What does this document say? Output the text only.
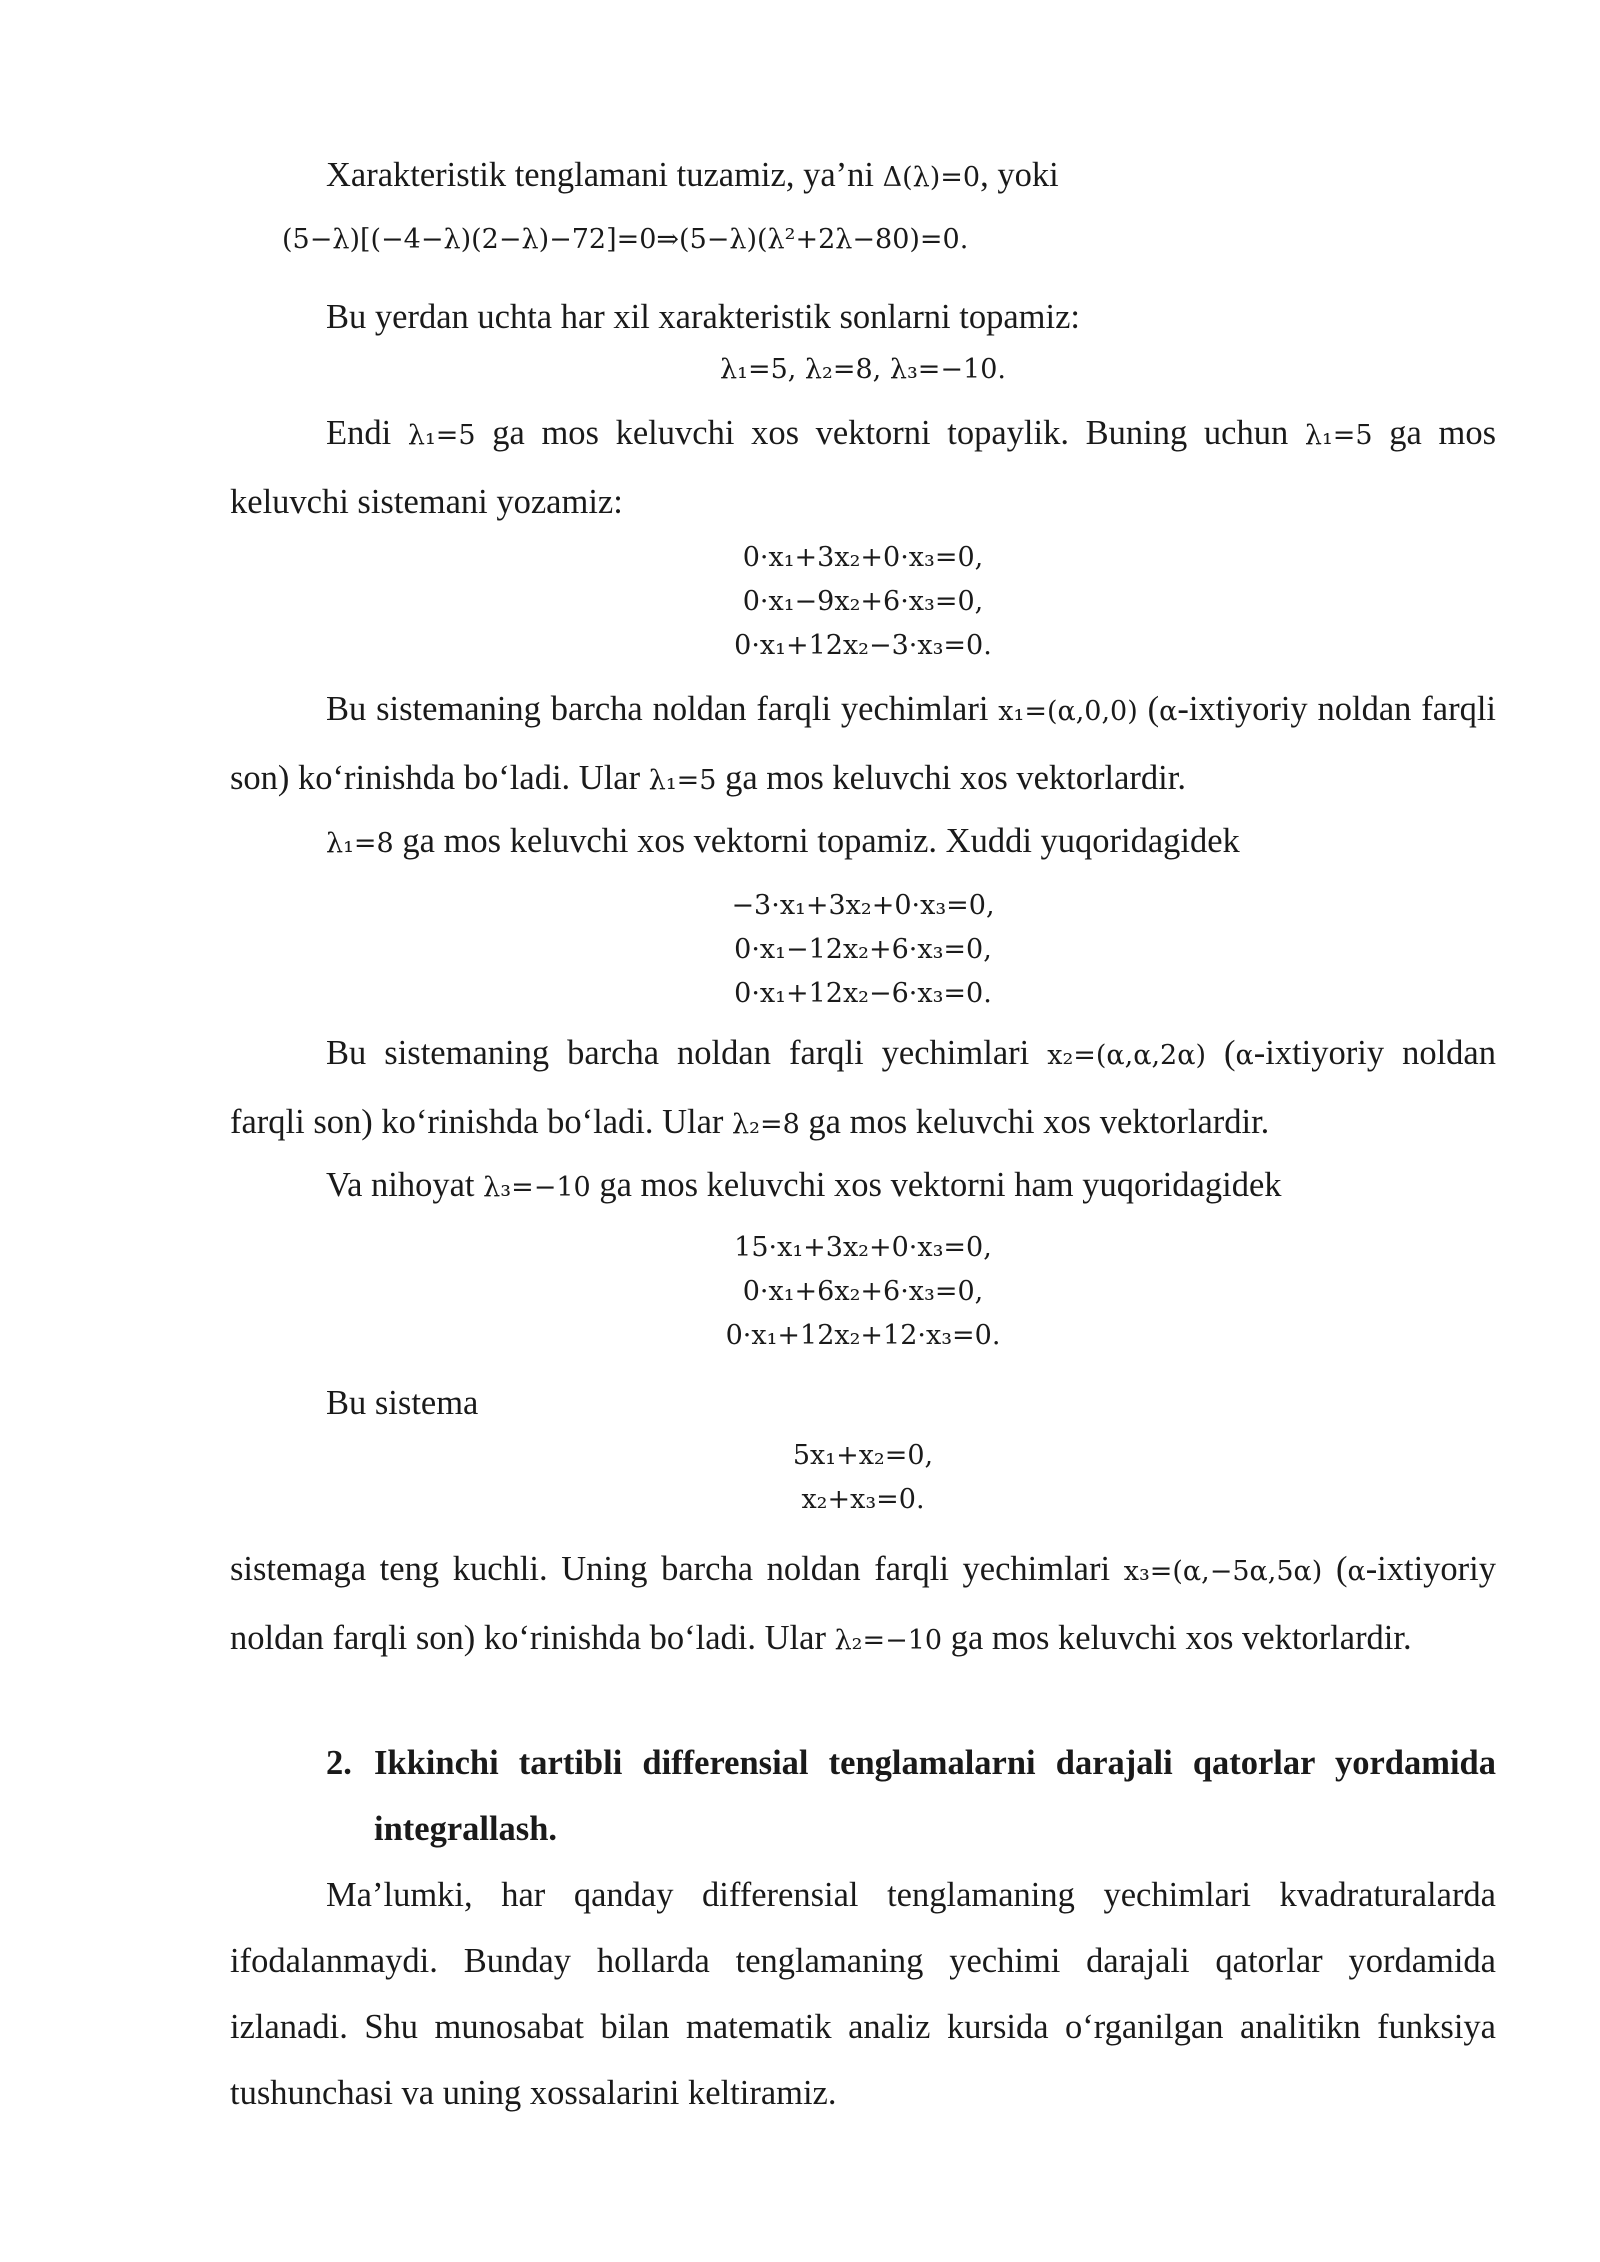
Xarakteristik tenglamani tuzamiz, ya’ni Δ(λ)=0, yoki
(5−λ)[(−4−λ)(2−λ)−72]=0⇒(5−λ)(λ²+2λ−80)=0.
Bu yerdan uchta har xil xarakteristik sonlarni topamiz:
λ₁=5, λ₂=8, λ₃=−10.
Endi λ₁=5 ga mos keluvchi xos vektorni topaylik. Buning uchun λ₁=5 ga mos keluvchi sistemani yozamiz:
0·x₁+3x₂+0·x₃=0,
0·x₁−9x₂+6·x₃=0,
0·x₁+12x₂−3·x₃=0.
Bu sistemaning barcha noldan farqli yechimlari x₁=(α,0,0) (α-ixtiyoriy noldan farqli son) ko‘rinishda bo‘ladi. Ular λ₁=5 ga mos keluvchi xos vektorlardir.
λ₁=8 ga mos keluvchi xos vektorni topamiz. Xuddi yuqoridagidek
−3·x₁+3x₂+0·x₃=0,
0·x₁−12x₂+6·x₃=0,
0·x₁+12x₂−6·x₃=0.
Bu sistemaning barcha noldan farqli yechimlari x₂=(α,α,2α) (α-ixtiyoriy noldan farqli son) ko‘rinishda bo‘ladi. Ular λ₂=8 ga mos keluvchi xos vektorlardir.
Va nihoyat λ₃=−10 ga mos keluvchi xos vektorni ham yuqoridagidek
15·x₁+3x₂+0·x₃=0,
0·x₁+6x₂+6·x₃=0,
0·x₁+12x₂+12·x₃=0.
Bu sistema
5x₁+x₂=0,
x₂+x₃=0.
sistemaga teng kuchli. Uning barcha noldan farqli yechimlari x₃=(α,−5α,5α) (α-ixtiyoriy noldan farqli son) ko‘rinishda bo‘ladi. Ular λ₂=−10 ga mos keluvchi xos vektorlardir.
2. Ikkinchi tartibli differensial tenglamalarni darajali qatorlar yordamida integrallash.
Ma’lumki, har qanday differensial tenglamaning yechimlari kvadraturalarda ifodalanmaydi. Bunday hollarda tenglamaning yechimi darajali qatorlar yordamida izlanadi. Shu munosabat bilan matematik analiz kursida o‘rganilgan analitikn funksiya tushunchasi va uning xossalarini keltiramiz.
